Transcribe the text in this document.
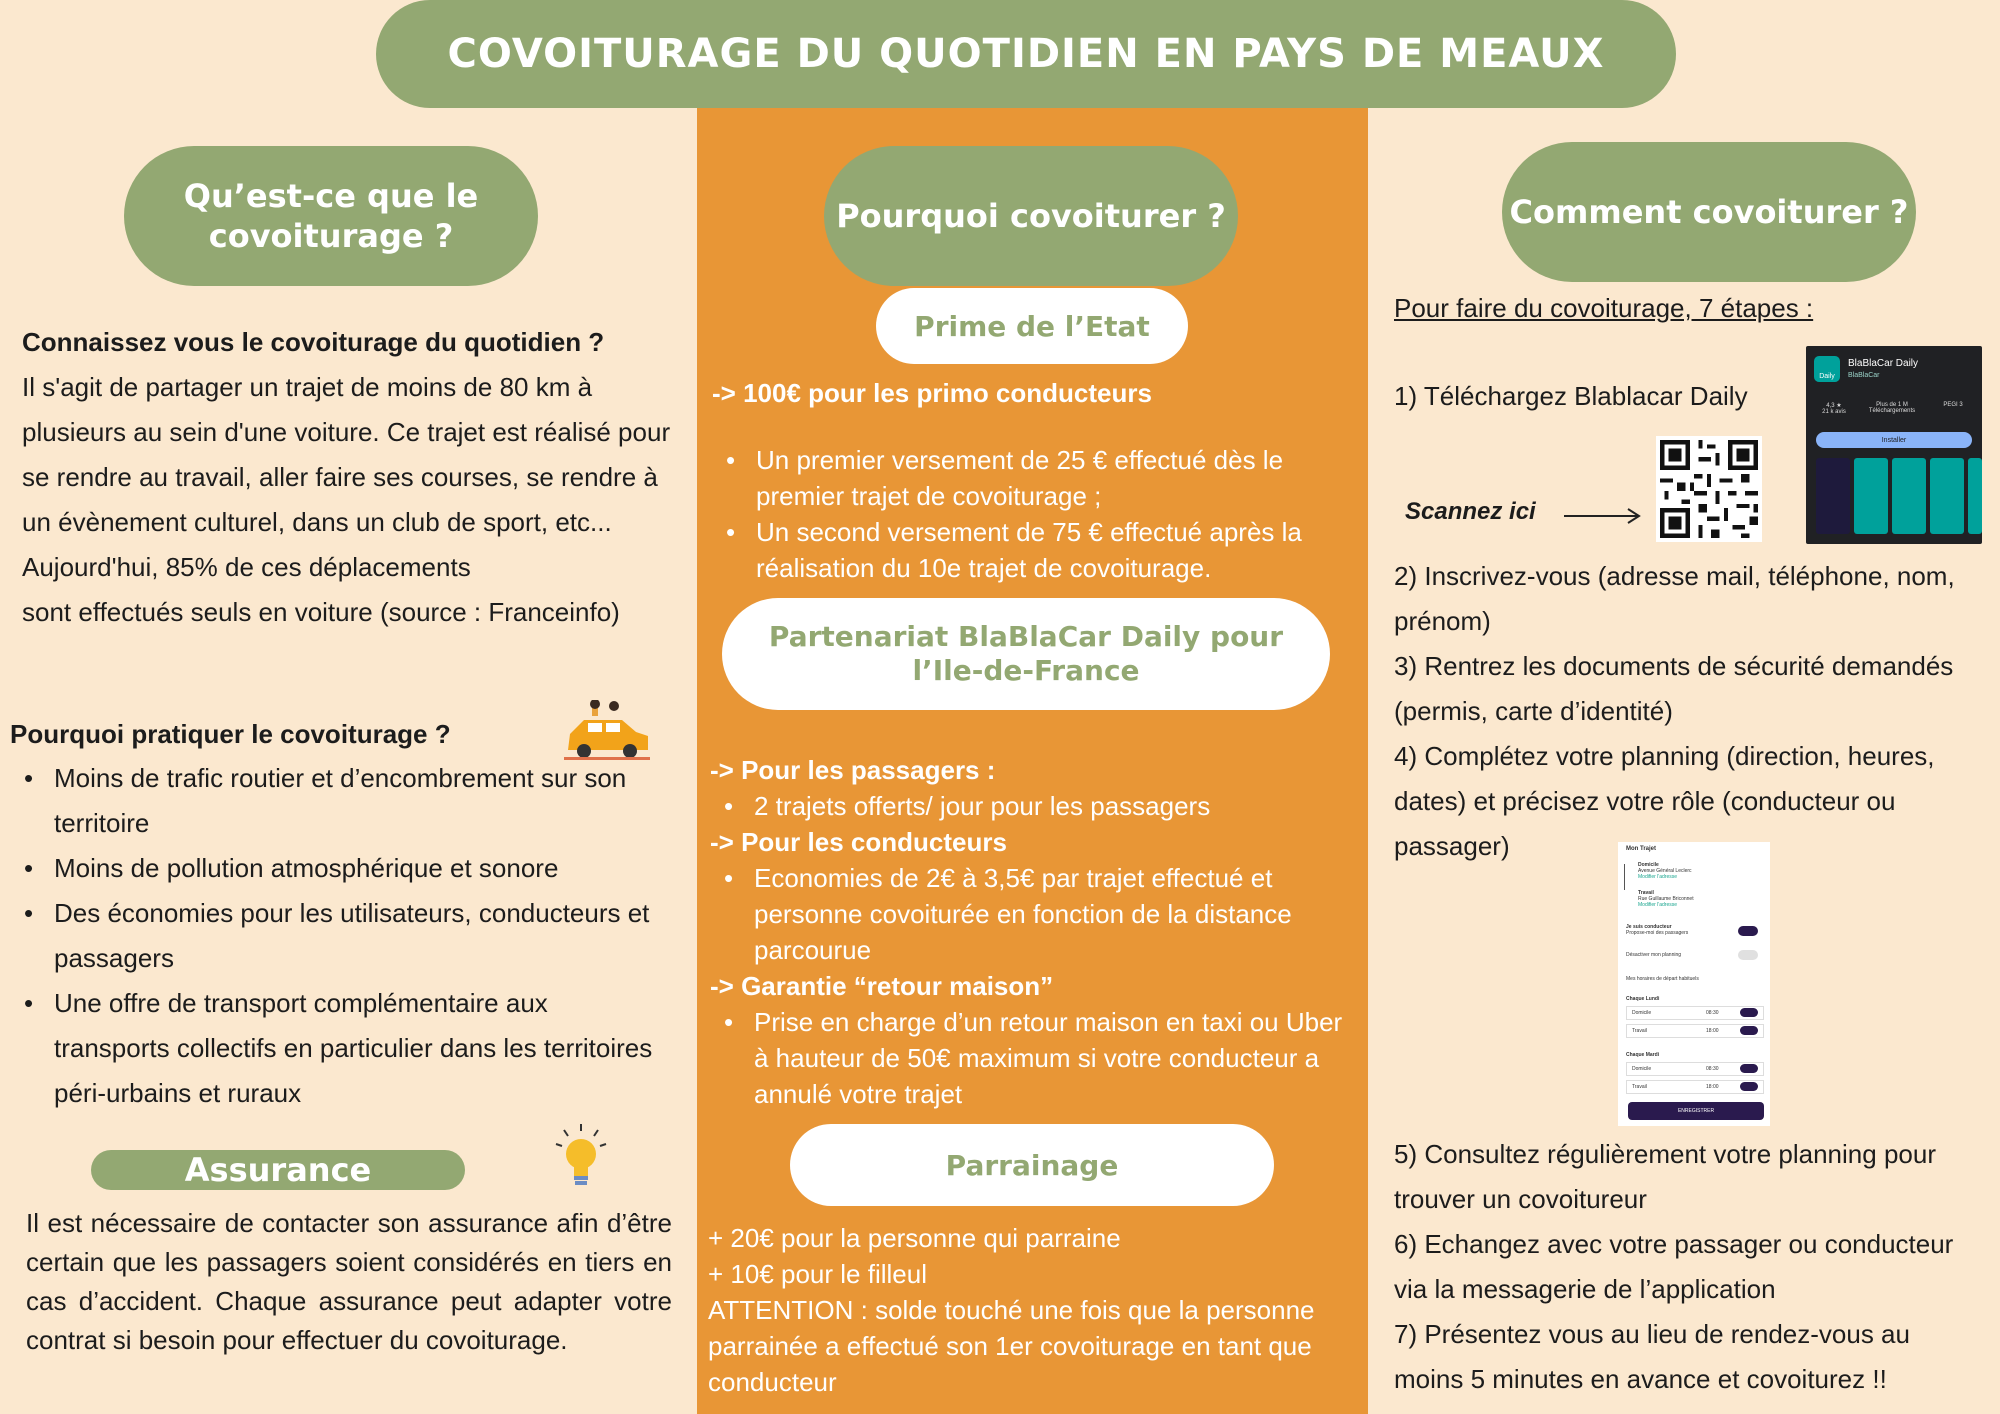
COVOITURAGE DU QUOTIDIEN EN PAYS DE MEAUX
Qu’est-ce que le covoiturage ?
Connaissez vous le covoiturage du quotidien ?
Il s'agit de partager un trajet de moins de 80 km à plusieurs au sein d'une voiture. Ce trajet est réalisé pour se rendre au travail, aller faire ses courses, se rendre à un évènement culturel, dans un club de sport, etc...
Aujourd'hui, 85% de ces déplacements
sont effectués seuls en voiture (source : Franceinfo)
Pourquoi pratiquer le covoiturage ?
• Moins de trafic routier et d’encombrement sur son territoire
• Moins de pollution atmosphérique et sonore
• Des économies pour les utilisateurs, conducteurs et passagers
• Une offre de transport complémentaire aux transports collectifs en particulier dans les territoires péri-urbains et ruraux
Assurance
Il est nécessaire de contacter son assurance afin d’être certain que les passagers soient considérés en tiers en cas d’accident. Chaque assurance peut adapter votre contrat si besoin pour effectuer du covoiturage.
Pourquoi covoiturer ?
Prime de l’Etat
-> 100€ pour les primo conducteurs
• Un premier versement de 25 € effectué dès le premier trajet de covoiturage ;
• Un second versement de 75 € effectué après la réalisation du 10e trajet de covoiturage.
Partenariat BlaBlaCar Daily pour l’Ile-de-France
-> Pour les passagers :
• 2 trajets offerts/ jour pour les passagers
-> Pour les conducteurs
• Economies de 2€ à 3,5€ par trajet effectué et personne covoiturée en fonction de la distance parcourue
-> Garantie “retour maison”
• Prise en charge d’un retour maison en taxi ou Uber à hauteur de 50€ maximum si votre conducteur a annulé votre trajet
Parrainage
+ 20€ pour la personne qui parraine
+ 10€ pour le filleul
ATTENTION : solde touché une fois que la personne parrainée a effectué son 1er covoiturage en tant que conducteur
Comment covoiturer ?
Pour faire du covoiturage, 7 étapes :
1) Téléchargez Blablacar Daily
Scannez ici
Daily
BlaBlaCar Daily
BlaBlaCar
4,3 ★
21 k avis
Plus de 1 M
Téléchargements
PEGI 3
Installer
2) Inscrivez-vous (adresse mail, téléphone, nom, prénom)
3) Rentrez les documents de sécurité demandés (permis, carte d’identité)
4) Complétez votre planning (direction, heures, dates) et précisez votre rôle (conducteur ou passager)	Mon Trajet
Domicile
Avenue Général Leclerc
Modifier l'adresse
Travail
Rue Guillaume Briconnet
Modifier l'adresse
Je suis conducteur
Propose-moi des passagers
Désactiver mon planning
Mes horaires de départ habituels
Chaque Lundi
Domicile	08:30
Travail	18:00
Chaque Mardi
Domicile	08:30
Travail	18:00
ENREGISTRER
5) Consultez régulièrement votre planning pour trouver un covoitureur
6) Echangez avec votre passager ou conducteur via la messagerie de l’application
7) Présentez vous au lieu de rendez-vous au moins 5 minutes en avance et covoiturez !!
